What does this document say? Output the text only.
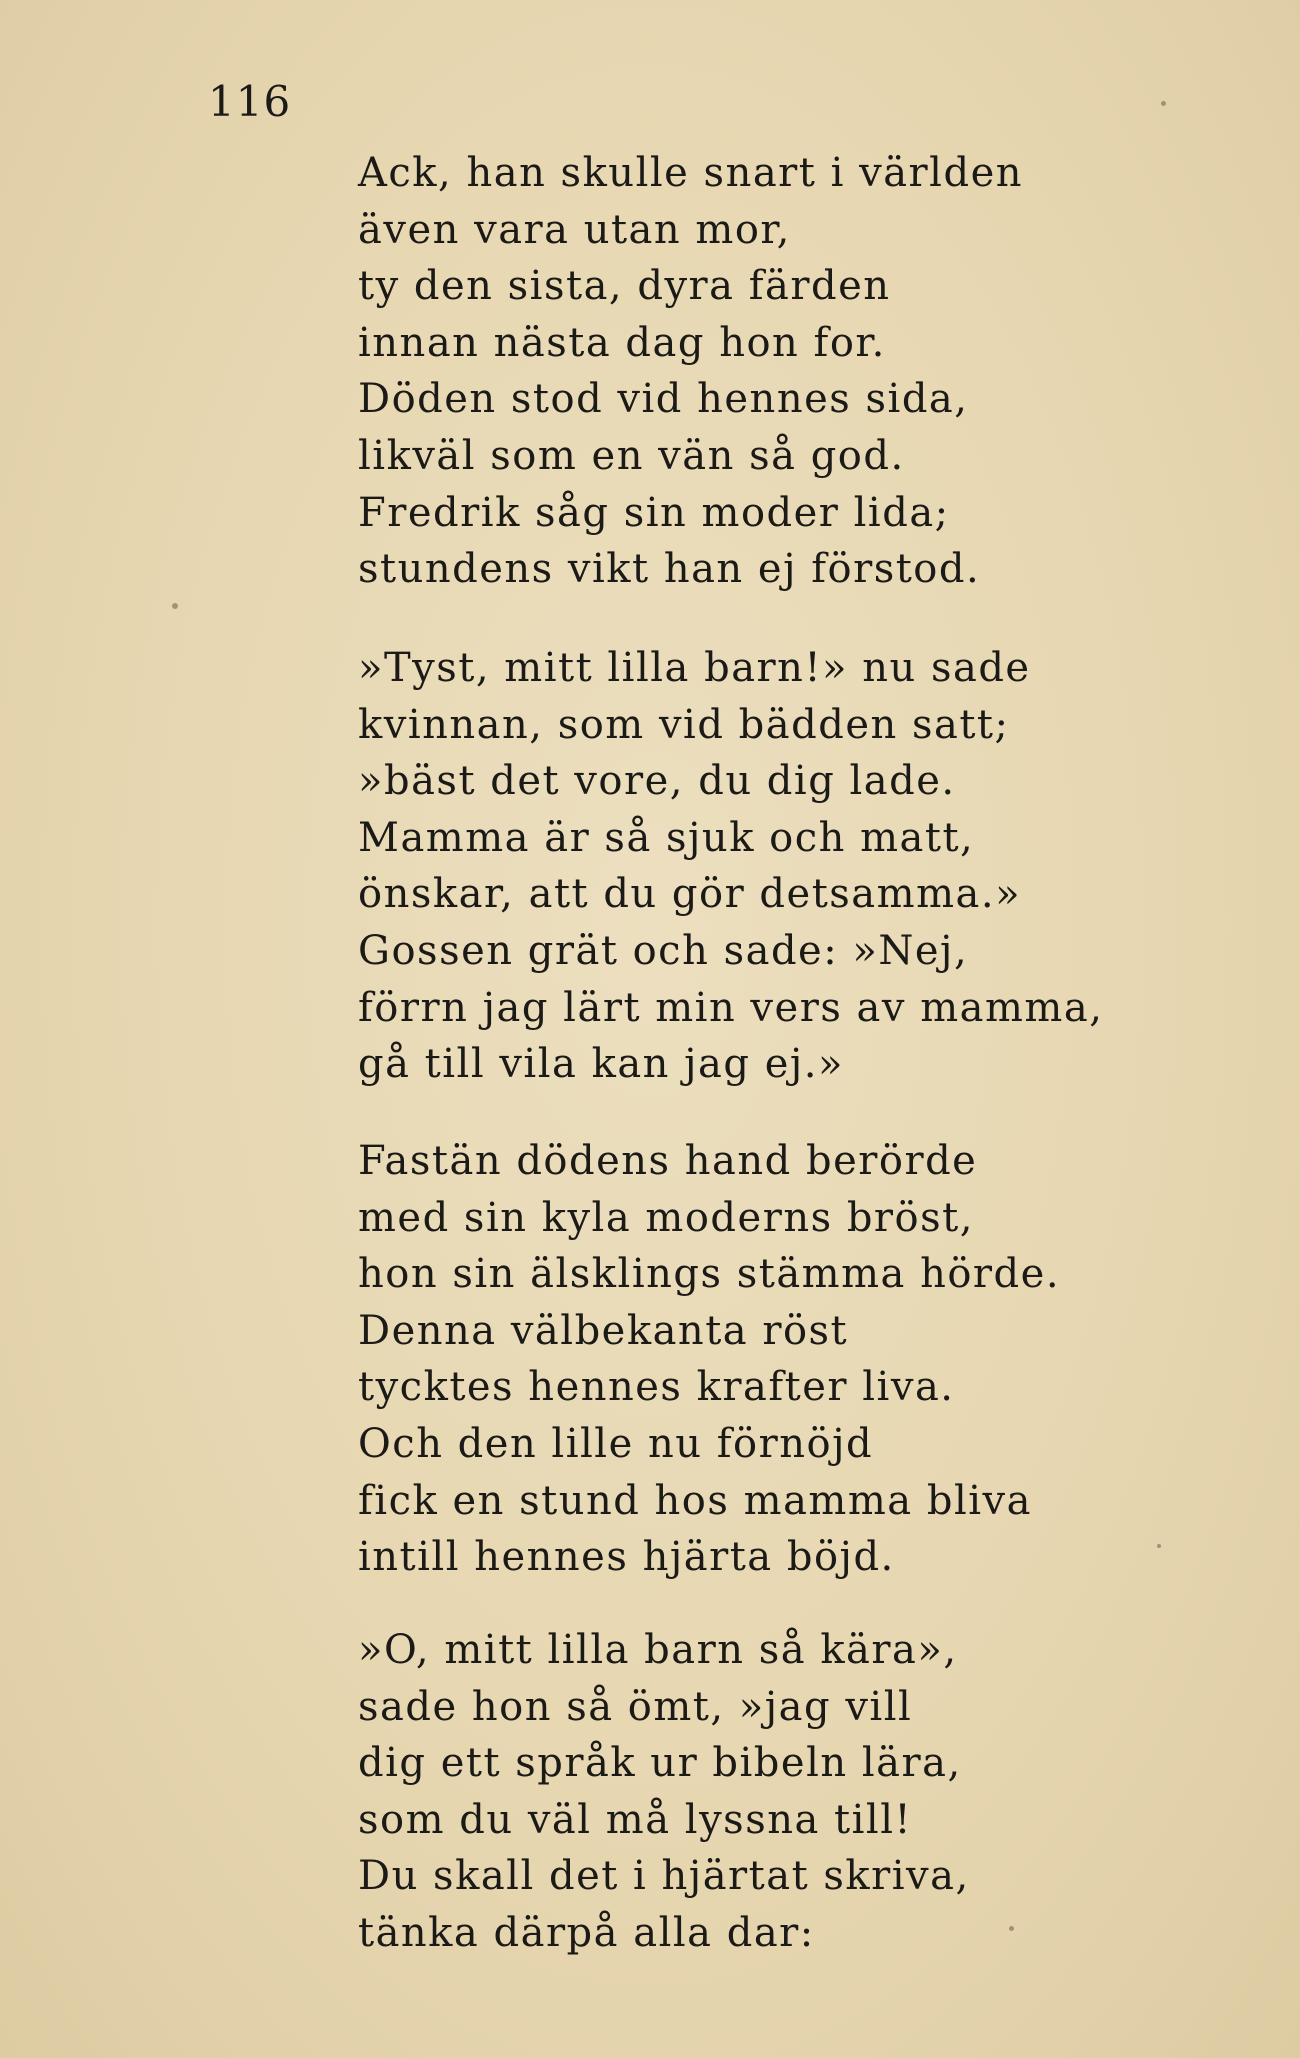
116
Ack, han skulle snart i världen
även vara utan mor,
ty den sista, dyra färden
innan nästa dag hon for.
Döden stod vid hennes sida,
likväl som en vän så god.
Fredrik såg sin moder lida;
stundens vikt han ej förstod.
»Tyst, mitt lilla barn!» nu sade
kvinnan, som vid bädden satt;
»bäst det vore, du dig lade.
Mamma är så sjuk och matt,
önskar, att du gör detsamma.»
Gossen grät och sade: »Nej,
förrn jag lärt min vers av mamma,
gå till vila kan jag ej.»
Fastän dödens hand berörde
med sin kyla moderns bröst,
hon sin älsklings stämma hörde.
Denna välbekanta röst
tycktes hennes krafter liva.
Och den lille nu förnöjd
fick en stund hos mamma bliva
intill hennes hjärta böjd.
»O, mitt lilla barn så kära»,
sade hon så ömt, »jag vill
dig ett språk ur bibeln lära,
som du väl må lyssna till!
Du skall det i hjärtat skriva,
tänka därpå alla dar:
